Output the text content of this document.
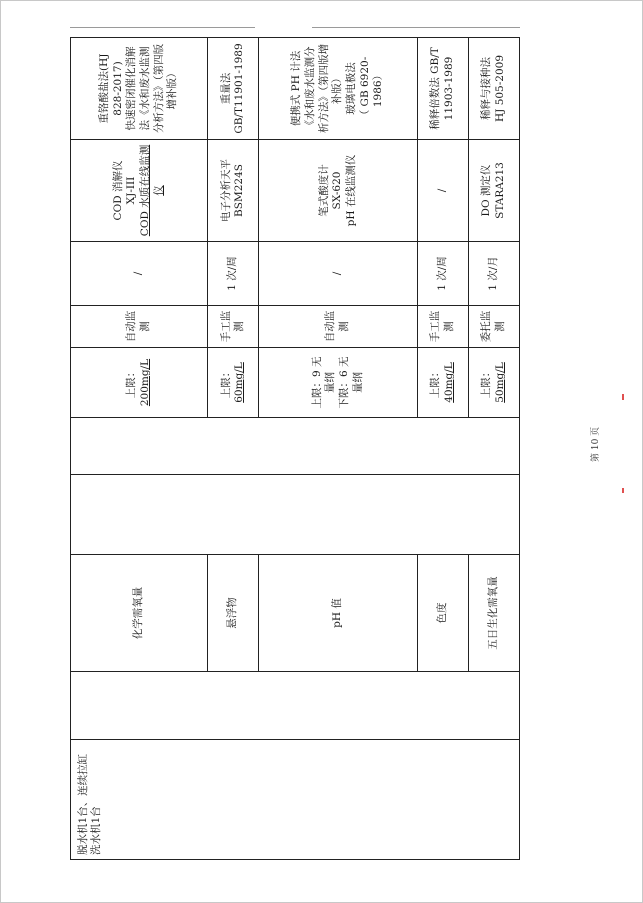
脱水机1台、连续拉缸洗水机1台		化学需氧量			上限： 200mg/L	自动监测	/	COD 消解仪 XJ-III COD 水质在线监测仪	重铬酸盐法(HJ 828-2017)
快速密闭催化消解法《水和废水监测分析方法》（第四版增补版）
		悬浮物			上限： 60mg/L	手工监测	1 次/周	电子分析天平 BSM224S	重量法 GB/T11901-1989
		pH 值			上限：9 无量纲
下限：6 无量纲	自动监测	/	笔式酸度计
SX-620
pH 在线监测仪	便携式 PH 计法《水和废水监测分析方法》（第四版增补版）
玻璃电极法
（ GB 6920-1986）
		色度			上限： 40mg/L	手工监测	1 次/周	/	稀释倍数法 GB/T 11903-1989
		五日生化需氧量			上限： 50mg/L	委托监测	1 次/月	DO 测定仪
STARA213	稀释与接种法
HJ 505-2009
第 10 页
